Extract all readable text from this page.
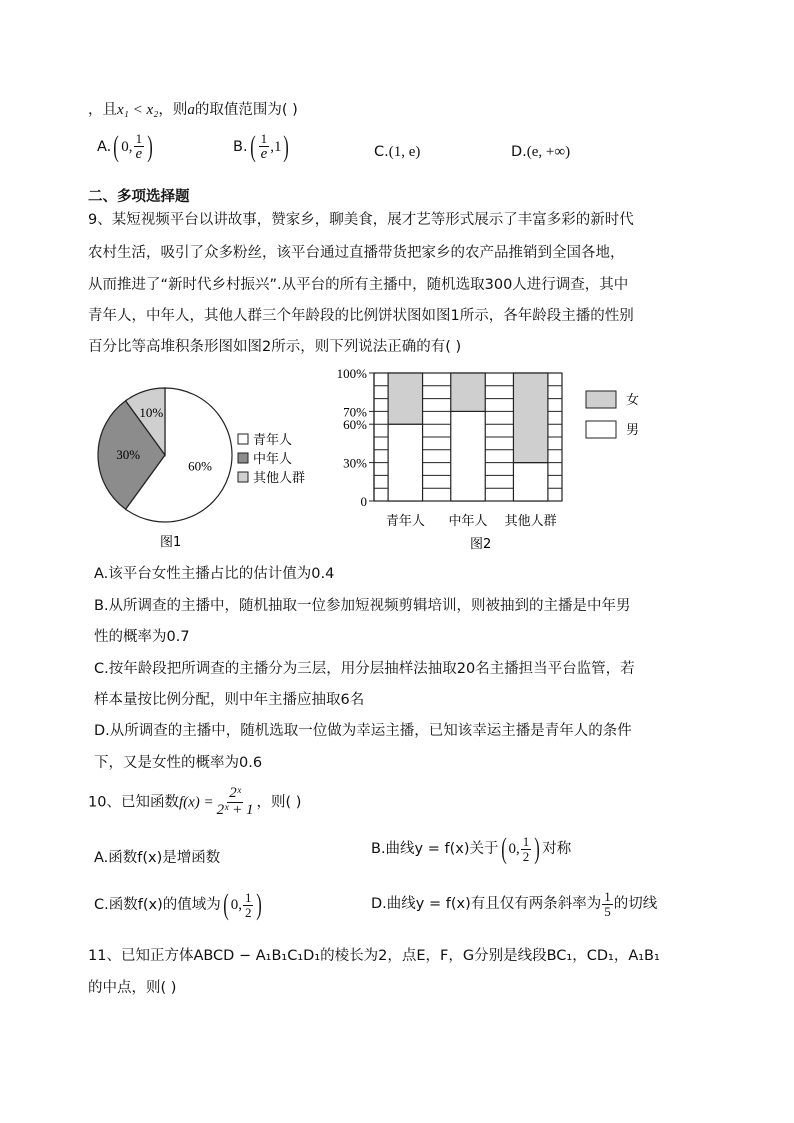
，且x₁ < x₂，则a的取值范围为( )
A.( 0, $\frac{1}{e}$ )	$B.( \frac{1}{e} ,1)$	C.(1, e)	D.(e, +∞)
二、多项选择题
9、某短视频平台以讲故事，赞家乡，聊美食，展才艺等形式展示了丰富多彩的新时代
农村生活，吸引了众多粉丝，该平台通过直播带货把家乡的农产品推销到全国各地，
从而推进了“新时代乡村振兴”.从平台的所有主播中，随机选取300人进行调查，其中
青年人，中年人，其他人群三个年龄段的比例饼状图如图1所示，各年龄段主播的性别
百分比等高堆积条形图如图2所示，则下列说法正确的有( )
60%
30%
10%
青年人
中年人
其他人群
图1
0
30%
60%
70%
100%
青年人 中年人 其他人群
女
男
图2
A.该平台女性主播占比的估计值为0.4
B.从所调查的主播中，随机抽取一位参加短视频剪辑培训，则被抽到的主播是中年男
性的概率为0.7
C.按年龄段把所调查的主播分为三层，用分层抽样法抽取20名主播担当平台监管，若
样本量按比例分配，则中年主播应抽取6名
D.从所调查的主播中，随机选取一位做为幸运主播，已知该幸运主播是青年人的条件
下，又是女性的概率为0.6
10、已知函数$f(x) = \frac{\text{2ˣ}}{\text{2ˣ + 1}}$ ，则( )
A.函数f(x)是增函数
B.曲线y = f(x)关于( 0, $\frac{1}{2}$ ) 对称
C.函数f(x)的值域为( 0, $\frac{1}{2}$ )	D.曲线y = f(x)有且仅有两条斜率为 $\frac{1}{5}$ 的切线
11、已知正方体ABCD − A₁B₁C₁D₁的棱长为2，点E，F，G分别是线段BC₁，CD₁，A₁B₁
的中点，则( )
